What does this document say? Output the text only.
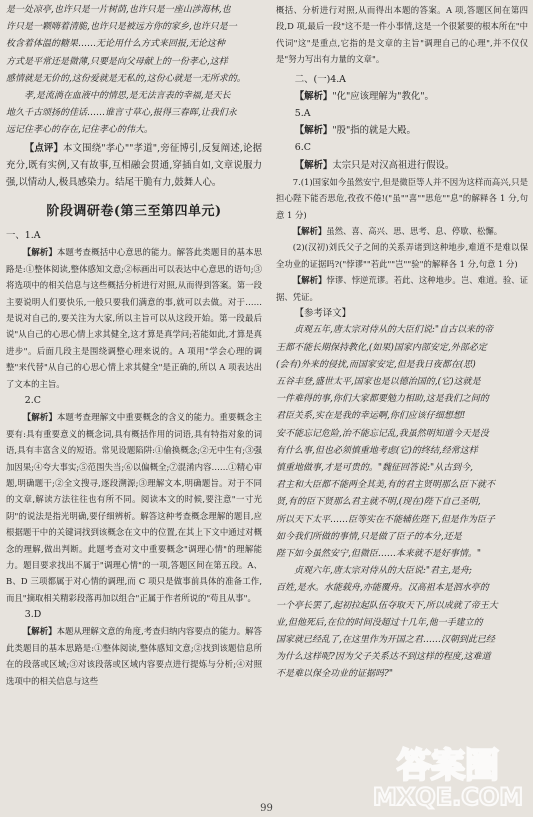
是一处凉亭,也许只是一片树荫,也许只是一座山涉海林,也

许只是一颗嗨着清脆,也许只是被远方你的家乡,也许只是一

枚含着体温的糖果……无论用什么方式来回报,无论这种

方式是平常还是微薄,只要是向父母献上的一份孝心,这样

感情就是无价的,这份爱就是无私的,这份心就是一无所求的。

孝,是流淌在血液中的情思,是无法言表的幸福,是天长

地久千古颂扬的佳话……谁言寸草心,报得三春晖,让我们永

远记住孝心的存在,记住孝心的伟大。

【点评】本文围绕"孝心""孝道",旁征博引,反复阐述,论据充分,既有实例,又有故事,互相融会贯通,穿插自如,文章说服力强,以情动人,极具感染力。结尾干脆有力,鼓舞人心。

阶段调研卷(第三至第四单元)

一、1.A

【解析】本题考查概括中心意思的能力。解答此类题目的基本思路是:①整体阅读,整体感知文意;②标画出可以表达中心意思的语句;③将选项中的相关信息与这些概括分析进行对照,从而得到答案。第一段主要说明人们要快乐,一般只要我们满意的事,就可以去做。对于……是说对自己的,要关注为大家,所以主旨可以从这段开始。第一段最后说"从自己的心思心情上求其健全,这才算是真学问;若能如此,才算是真进步"。后面几段主是围绕调整心理来说的。A 项用"学会心理的调整"来代替"从自己的心思心情上求其健全"是正确的,所以 A 项表达出了文本的主旨。

2.C

【解析】本题考查理解文中重要概念的含义的能力。重要概念主要有:具有重要意义的概念词,具有概括作用的词语,具有特指对象的词语,具有丰富含义的短语。常见设题陷阱:①偷换概念;②无中生有;③强加因果;④夸大事实;⑤范围失当;⑥以偏概全;⑦混淆内容……①精心审题,明确题干;②全文搜寻,逐段溯源;③理解文本,明确题旨。对于不同的文章,解读方法往往也有所不同。阅读本文的时候,要注意"一寸光阴"的说法是指光明确,要仔细辨析。解答这种考查概念理解的题目,应根据题干中的关键词找到该概念在文中的位置,在其上下文中通过对概念的理解,做出判断。此题考查对文中重要概念"调理心情"的理解能力。题目要求找出不属于"调理心情"的一项,答题区间在第五段。A、B、D 三项都属于对心情的调理,而 C 项只是做事前具体的准备工作,而且"摘取相关精彩段落再加以组合"正属于作者所说的"苟且从事"。

3.D

【解析】本题从理解文意的角度,考查归纳内容要点的能力。解答此类题目的基本思路是:①整体阅读,整体感知文意;②找到该题信息所在的段落或区域;③对该段落或区域内容要点进行提炼与分析;④对照选项中的相关信息与这些

概括、分析进行对照,从而得出本题的答案。A 项,答题区间在第四段,D 项,最后一段"这不是一件小事情,这是一个很紧要的根本所在"中代词"这"是重点,它指的是文章的主旨"调理自己的心理",并不仅仅是"努力写出有力量的文章"。

二、(一)4.A

【解析】"化"应该理解为"教化"。

5.A

【解析】"殷"指的就是大殿。

6.C

【解析】太宗只是对汉高祖进行假设。

7.(1)国家如今虽然安宁,但是微臣等人并不因为这样而高兴,只是担心陛下能否思危,孜孜不倦!("虽""喜""思危""息"的解释各 1 分,句意 1 分)

【解析】虽然、喜、高兴、思、思考、息、停歇、松懈。

(2)(汉初)刘氏父子之间的关系弄诸到这种地步,难道不是难以保全功业的证据吗?("悖谬""若此""岂""验"的解释各 1 分,句意 1 分)

【解析】悖谬、悖逆荒谬。若此、这种地步。岂、难道。验、证据、凭证。

【参考译文】

贞观五年,唐太宗对侍从的大臣们说:"自古以来的帝

王都不能长期保持教化,(如果)国家内部安定,外部必定

(会有)外来的侵扰,而国家安定,但是我日夜都在(思)

五谷丰登,盛世太平,国家也是以德治国的,(它)这就是

一件难得的事,你们大家都要勉力相助,这是我们之间的

君臣关系,实在是我的幸运啊,你们应该仔细想想!

安不能忘记危险,治不能忘记乱,我虽然明知道今天是没

有什么事,但也必须慎重地考虑(它)的终结,经常这样

慎重地做事,才是可贵的。"魏征回答说:"从古到今,

君主和大臣都不能两全其美,有的君主贤明那么臣下就不

贤,有的臣下贤那么君主就不明,(现在)陛下自己圣明,

所以天下太平……臣等实在不能辅佐陛下,但是作为臣子

如今我们所做的事情,只是做了臣子的本分,还是

陛下如今虽然安宁,但微臣……本来就不是好事情。"

贞观六年,唐太宗对侍从的大臣说:"君主,是舟;

百姓,是水。水能载舟,亦能覆舟。汉高祖本是泗水亭的

一个亭长罢了,起初拉起队伍夺取天下,所以成就了帝王大

业,但他死后,在位的时间没超过十几年,他一手建立的

国家就已经乱了,在这里作为开国之君……汉朝到此已经

为什么这样呢?因为父子关系达不到这样的程度,这难道

不是难以保全功业的证据吗?"

99
答案圈
MXQE.COM
